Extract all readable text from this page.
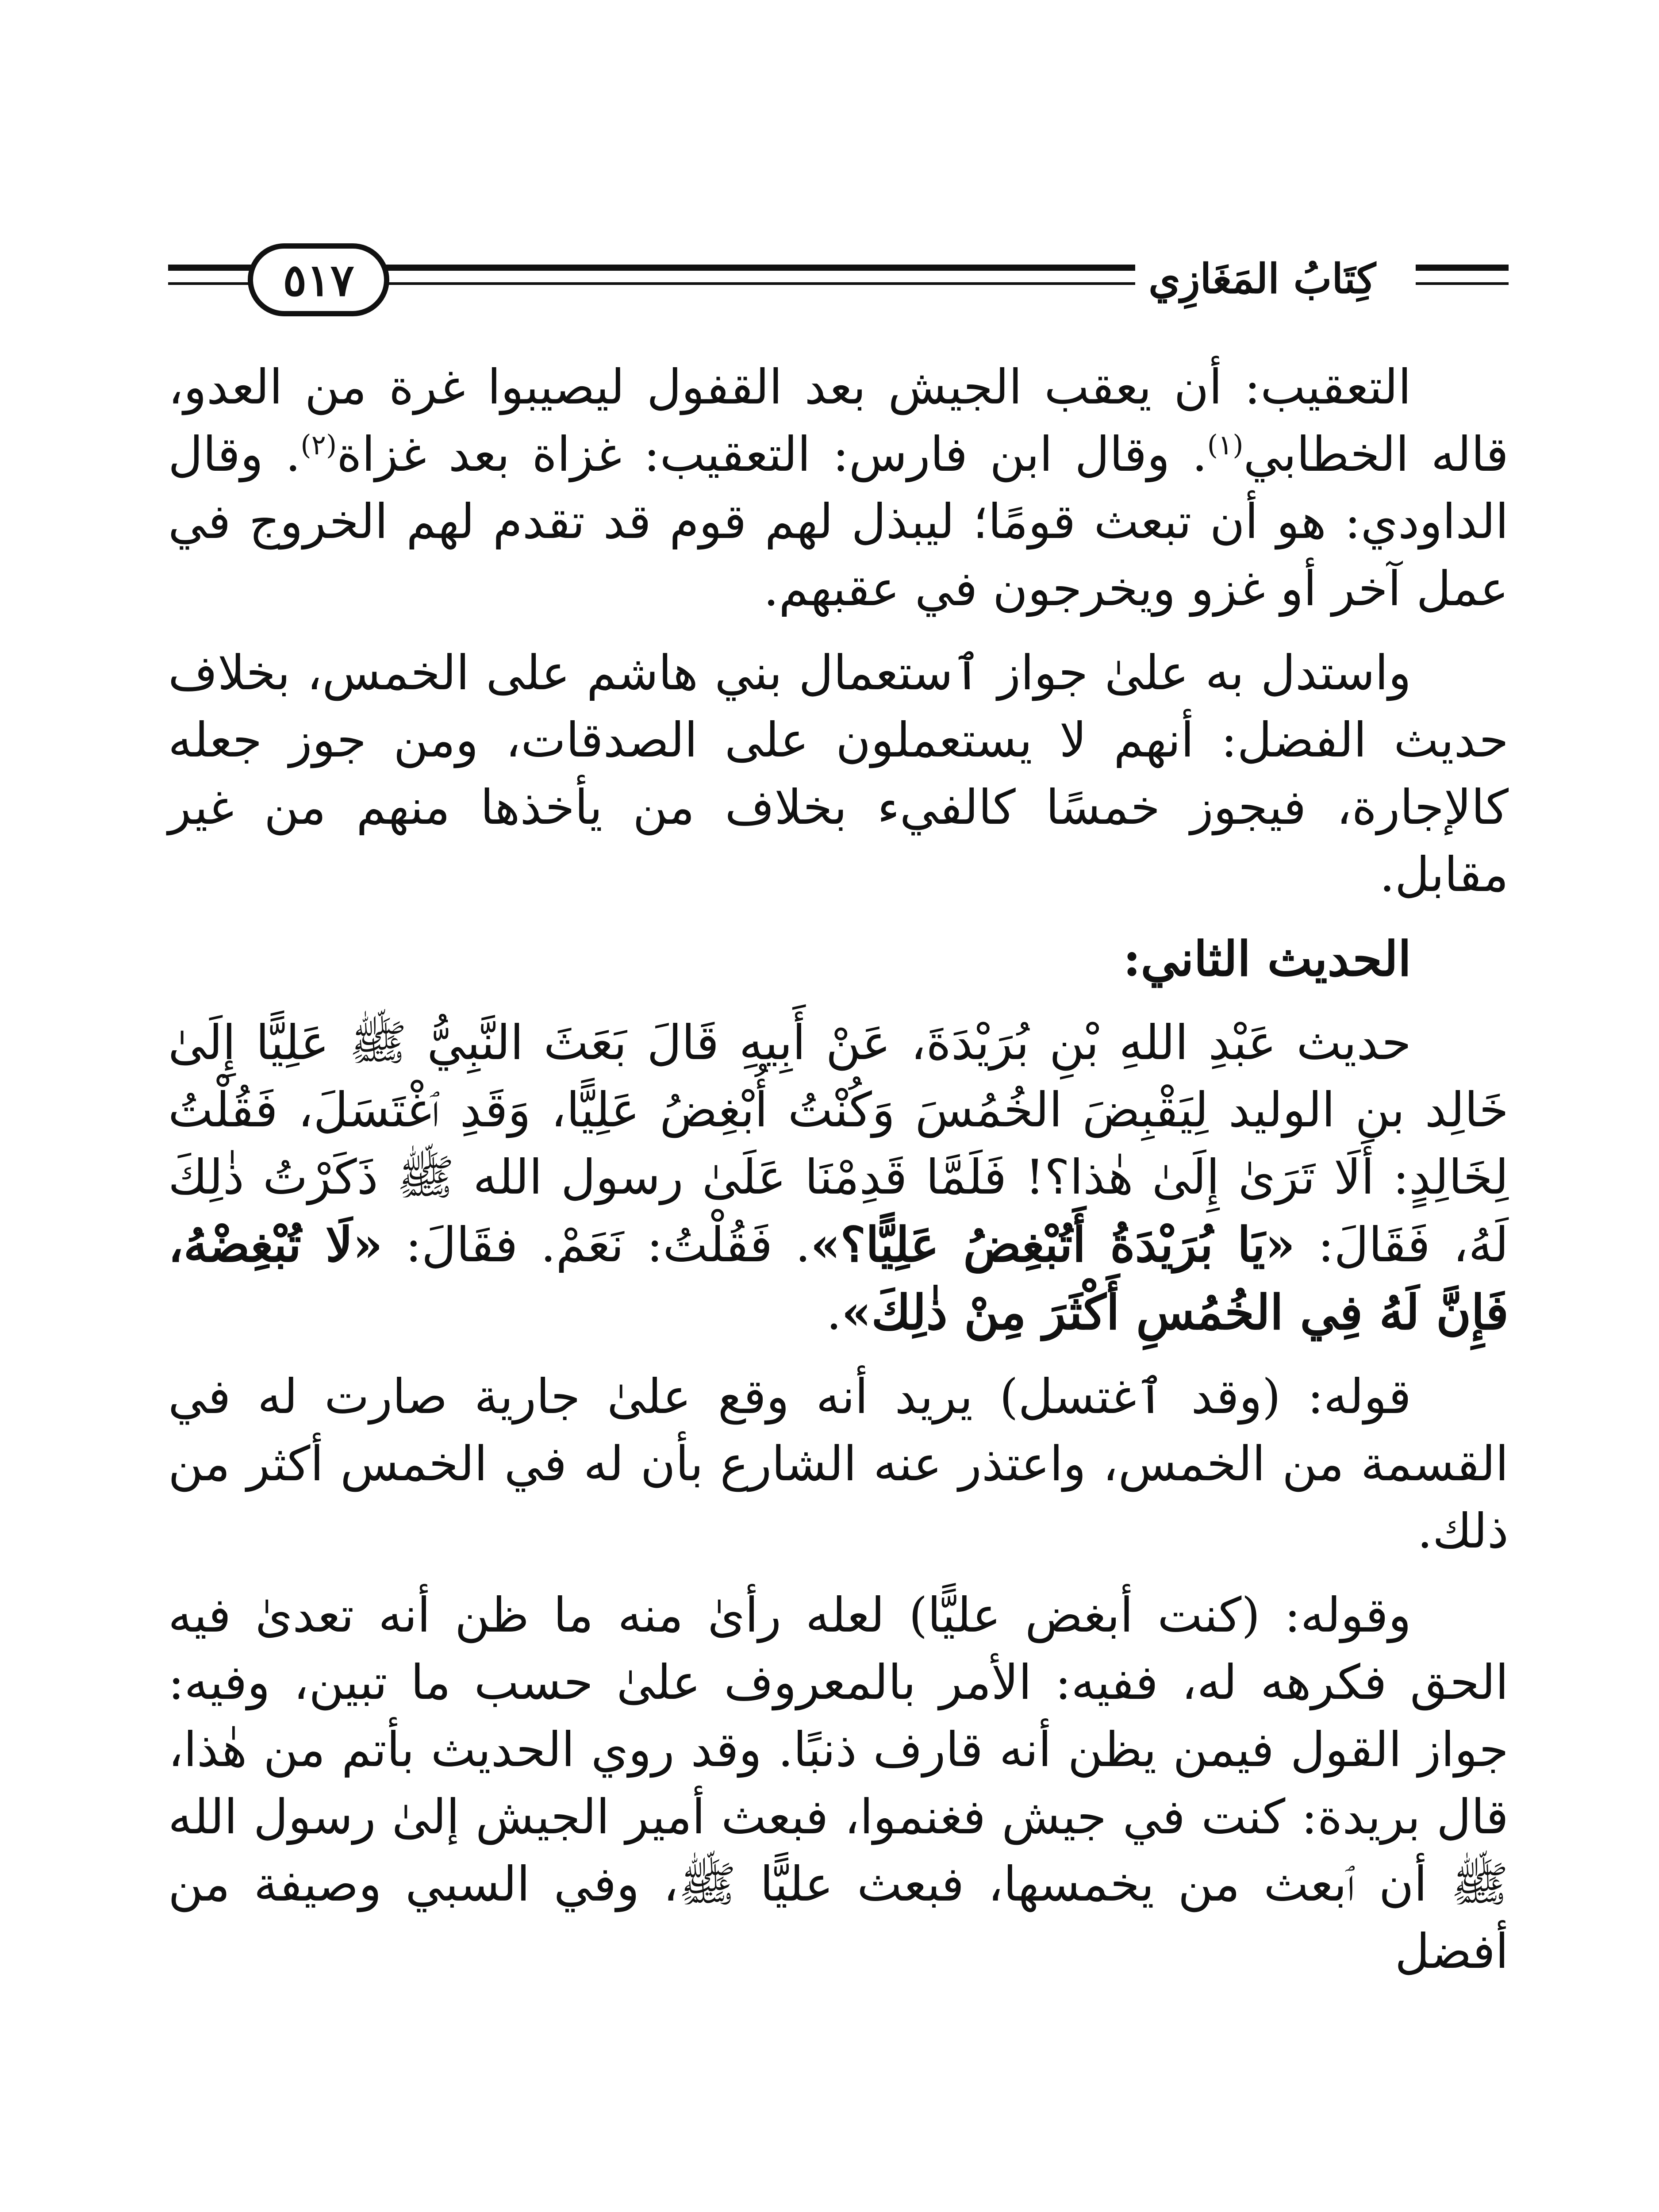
٥١٧	كِتَابُ المَغَازِي

التعقيب: أن يعقب الجيش بعد القفول ليصيبوا غرة من العدو، قاله الخطابي$^{(١)}$. وقال ابن فارس: التعقيب: غزاة بعد غزاة$^{(٢)}$. وقال الداودي: هو أن تبعث قومًا؛ ليبذل لهم قوم قد تقدم لهم الخروج في عمل آخر أو غزو ويخرجون في عقبهم.

واستدل به علىٰ جواز ٱستعمال بني هاشم على الخمس، بخلاف حديث الفضل: أنهم لا يستعملون على الصدقات، ومن جوز جعله كالإجارة، فيجوز خمسًا كالفيء بخلاف من يأخذها منهم من غير مقابل.

الحديث الثاني:

حديث عَبْدِ اللهِ بْنِ بُرَيْدَةَ، عَنْ أَبِيهِ قَالَ بَعَثَ النَّبِيُّ ﷺ عَلِيًّا إِلَىٰ خَالِد بن الوليد لِيَقْبِضَ الخُمُسَ وَكُنْتُ أُبْغِضُ عَلِيًّا، وَقَدِ ٱغْتَسَلَ، فَقُلْتُ لِخَالِدٍ: أَلَا تَرَىٰ إِلَىٰ هٰذا؟! فَلَمَّا قَدِمْنَا عَلَىٰ رسول الله ﷺ ذَكَرْتُ ذٰلِكَ لَهُ، فَقَالَ: «يَا بُرَيْدَةُ أَتُبْغِضُ عَلِيًّا؟». فَقُلْتُ: نَعَمْ. فقَالَ: «لَا تُبْغِضْهُ، فَإِنَّ لَهُ فِي الخُمُسِ أَكْثَرَ مِنْ ذٰلِكَ».

قوله: (وقد ٱغتسل) يريد أنه وقع علىٰ جارية صارت له في القسمة من الخمس، واعتذر عنه الشارع بأن له في الخمس أكثر من ذلك.

وقوله: (كنت أبغض عليًّا) لعله رأىٰ منه ما ظن أنه تعدىٰ فيه الحق فكرهه له، ففيه: الأمر بالمعروف علىٰ حسب ما تبين، وفيه: جواز القول فيمن يظن أنه قارف ذنبًا. وقد روي الحديث بأتم من هٰذا، قال بريدة: كنت في جيش فغنموا، فبعث أمير الجيش إلىٰ رسول الله ﷺ أن ٱبعث من يخمسها، فبعث عليًّا ﷺ، وفي السبي وصيفة من أفضل
